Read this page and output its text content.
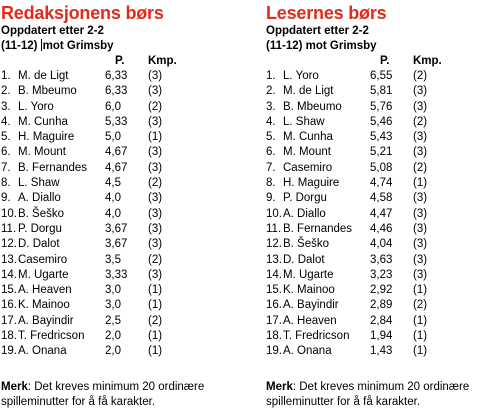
Redaksjonens børs
Oppdatert etter 2-2
(11-12) mot Grimsby
P. Kmp.
1. M. de Ligt	6,33 (3)
2. B. Mbeumo 6,33 (3)
3. L. Yoro	6,0 (2)
4. M. Cunha	5,33 (3)
5. H. Maguire	5,0 (1)
6. M. Mount	4,67 (3)
7. B. Fernandes 4,67 (3)
8. L. Shaw	4,5 (2)
9. A. Diallo	4,0 (3)
10. B. Šeško	4,0 (3)
11. P. Dorgu	3,67 (3)
12. D. Dalot	3,67 (3)
13. Casemiro	3,5 (2)
14. M. Ugarte	3,33 (3)
15. A. Heaven	3,0 (1)
16. K. Mainoo	3,0 (1)
17. A. Bayindir	2,5 (2)
18. T. Fredricson 2,0 (1)
19. A. Onana	2,0 (1)
Merk: Det kreves minimum 20 ordinære spilleminutter for å få karakter.
Lesernes børs
Oppdatert etter 2-2
(11-12) mot Grimsby
P. Kmp.
1. L. Yoro	6,55 (2)
2. M. de Ligt	5,81 (3)
3. B. Mbeumo 5,76 (3)
4. L. Shaw	5,46 (2)
5. M. Cunha	5,43 (3)
6. M. Mount	5,21 (3)
7. Casemiro	5,08 (2)
8. H. Maguire	4,74 (1)
9. P. Dorgu	4,58 (3)
10. A. Diallo	4,47 (3)
11. B. Fernandes 4,46 (3)
12. B. Šeško	4,04 (3)
13. D. Dalot	3,63 (3)
14. M. Ugarte	3,23 (3)
15. K. Mainoo	2,92 (1)
16. A. Bayindir	2,89 (2)
17. A. Heaven	2,84 (1)
18. T. Fredricson 1,94 (1)
19. A. Onana	1,43 (1)
Merk: Det kreves minimum 20 ordinære spilleminutter for å få karakter.
